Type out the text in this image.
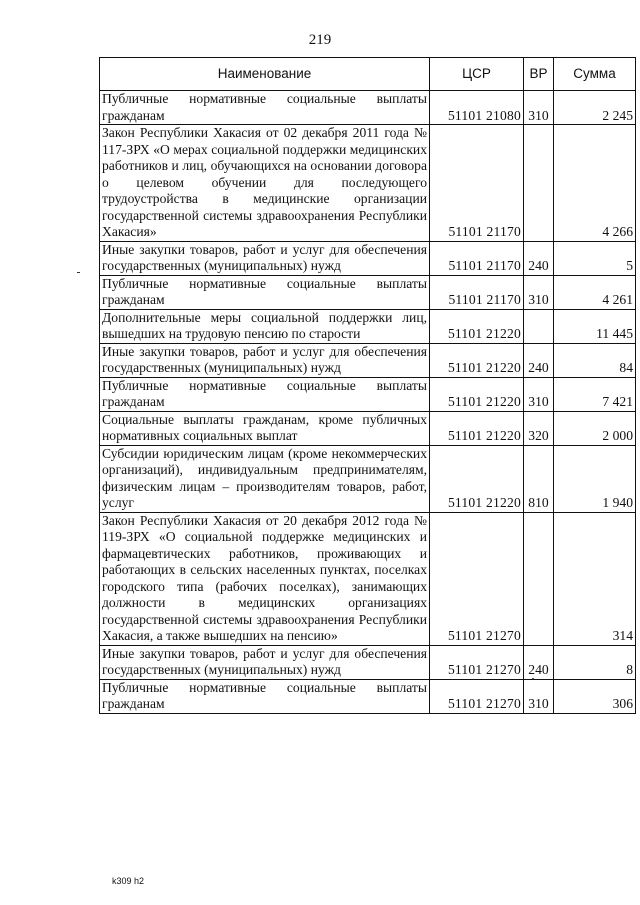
219
Наименование	ЦСР	ВР	Сумма
Публичные нормативные социальные выплаты гражданам	51101 21080	310	2 245
Закон Республики Хакасия от 02 декабря 2011 года № 117-ЗРХ «О мерах социальной поддержки медицинских работников и лиц, обучающихся на основании договора о целевом обучении для последующего трудоустройства в медицинские организации государственной системы здравоохранения Республики Хакасия»	51101 21170		4 266
Иные закупки товаров, работ и услуг для обеспечения государственных (муниципальных) нужд	51101 21170	240	5
Публичные нормативные социальные выплаты гражданам	51101 21170	310	4 261
Дополнительные меры социальной поддержки лиц, вышедших на трудовую пенсию по старости	51101 21220		11 445
Иные закупки товаров, работ и услуг для обеспечения государственных (муниципальных) нужд	51101 21220	240	84
Публичные нормативные социальные выплаты гражданам	51101 21220	310	7 421
Социальные выплаты гражданам, кроме публичных нормативных социальных выплат	51101 21220	320	2 000
Субсидии юридическим лицам (кроме некоммерческих организаций), индивидуальным предпринимателям, физическим лицам – производителям товаров, работ, услуг	51101 21220	810	1 940
Закон Республики Хакасия от 20 декабря 2012 года № 119-ЗРХ «О социальной поддержке медицинских и фармацевтических работников, проживающих и работающих в сельских населенных пунктах, поселках городского типа (рабочих поселках), занимающих должности в медицинских организациях государственной системы здравоохранения Республики Хакасия, а также вышедших на пенсию»	51101 21270		314
Иные закупки товаров, работ и услуг для обеспечения государственных (муниципальных) нужд	51101 21270	240	8
Публичные нормативные социальные выплаты гражданам	51101 21270	310	306
k309 h2
